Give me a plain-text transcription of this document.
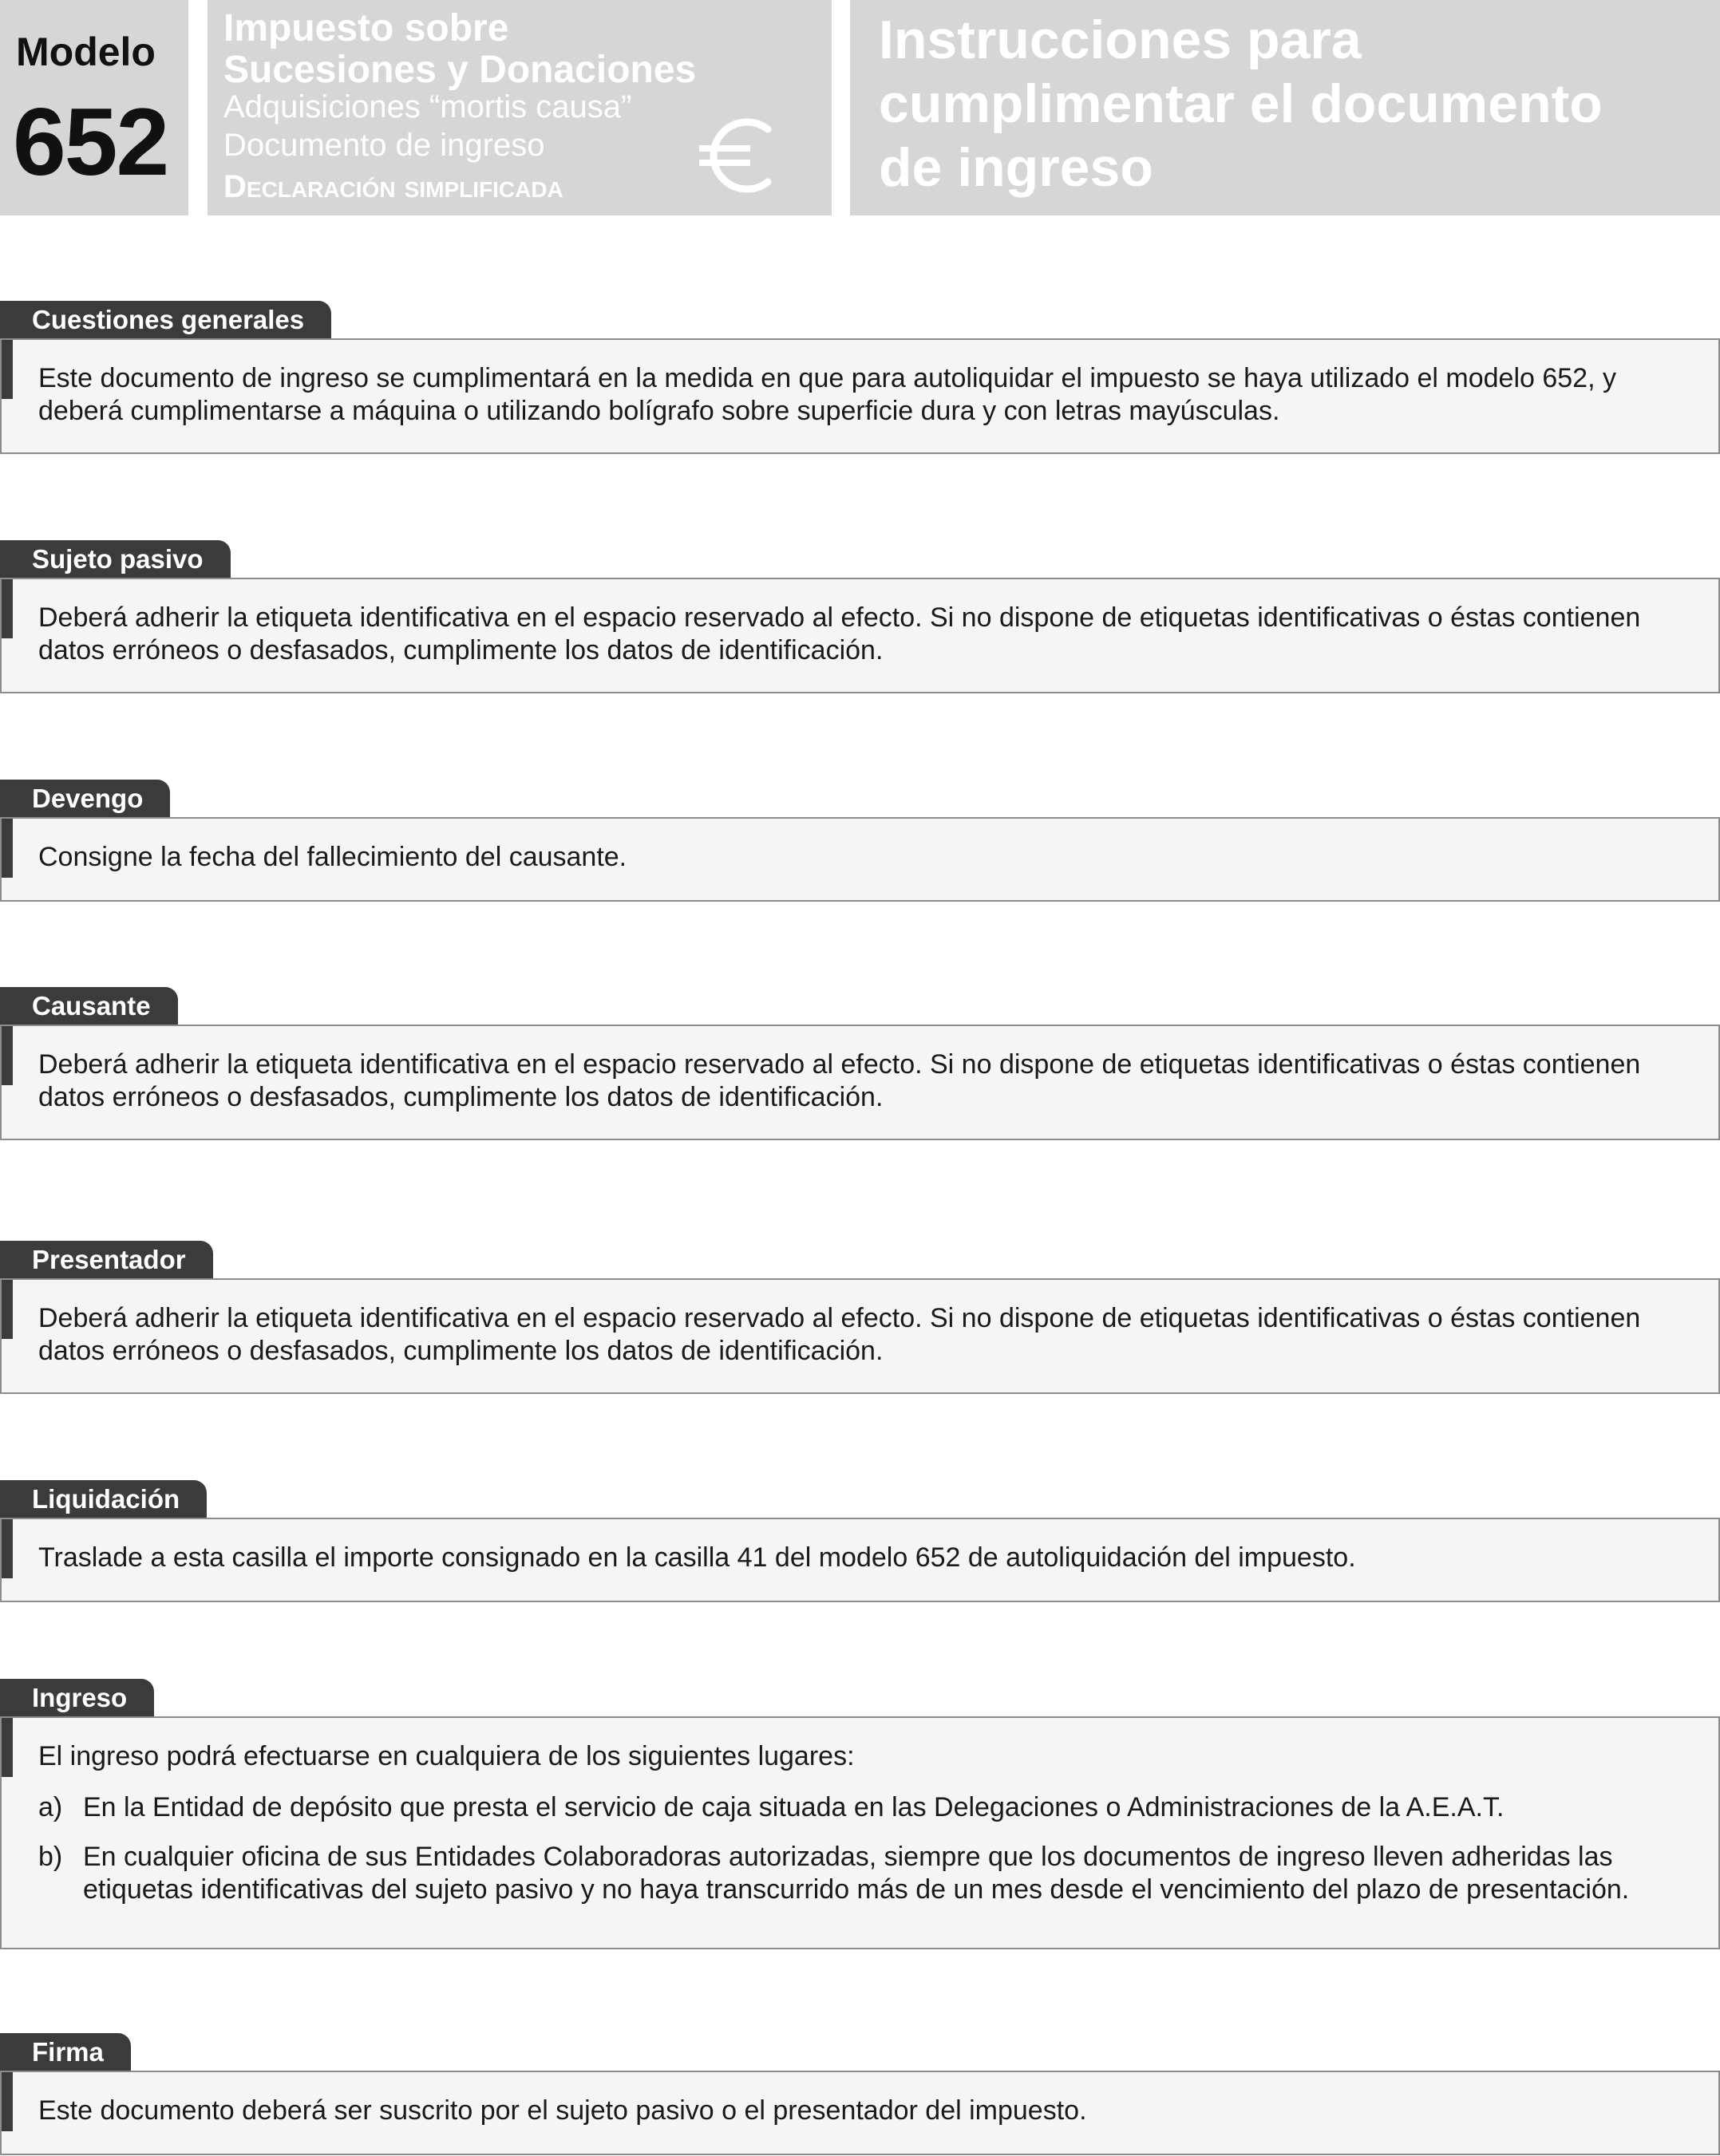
Modelo
652
Impuesto sobre
Sucesiones y Donaciones
Adquisiciones “mortis causa”
Documento de ingreso
Declaración simplificada
Instrucciones para
cumplimentar el documento
de ingreso
Cuestiones generales
Este documento de ingreso se cumplimentará en la medida en que para autoliquidar el impuesto se haya utilizado el modelo 652, y deberá cumplimentarse a máquina o utilizando bolígrafo sobre superficie dura y con letras mayúsculas.
Sujeto pasivo
Deberá adherir la etiqueta identificativa en el espacio reservado al efecto. Si no dispone de etiquetas identificativas o éstas contienen datos erróneos o desfasados, cumplimente los datos de identificación.
Devengo
Consigne la fecha del fallecimiento del causante.
Causante
Deberá adherir la etiqueta identificativa en el espacio reservado al efecto. Si no dispone de etiquetas identificativas o éstas contienen datos erróneos o desfasados, cumplimente los datos de identificación.
Presentador
Deberá adherir la etiqueta identificativa en el espacio reservado al efecto. Si no dispone de etiquetas identificativas o éstas contienen datos erróneos o desfasados, cumplimente los datos de identificación.
Liquidación
Traslade a esta casilla el importe consignado en la casilla 41 del modelo 652 de autoliquidación del impuesto.
Ingreso
El ingreso podrá efectuarse en cualquiera de los siguientes lugares:
a) En la Entidad de depósito que presta el servicio de caja situada en las Delegaciones o Administraciones de la A.E.A.T.
b) En cualquier oficina de sus Entidades Colaboradoras autorizadas, siempre que los documentos de ingreso lleven adheridas las etiquetas identificativas del sujeto pasivo y no haya transcurrido más de un mes desde el vencimiento del plazo de presentación.
Firma
Este documento deberá ser suscrito por el sujeto pasivo o el presentador del impuesto.
